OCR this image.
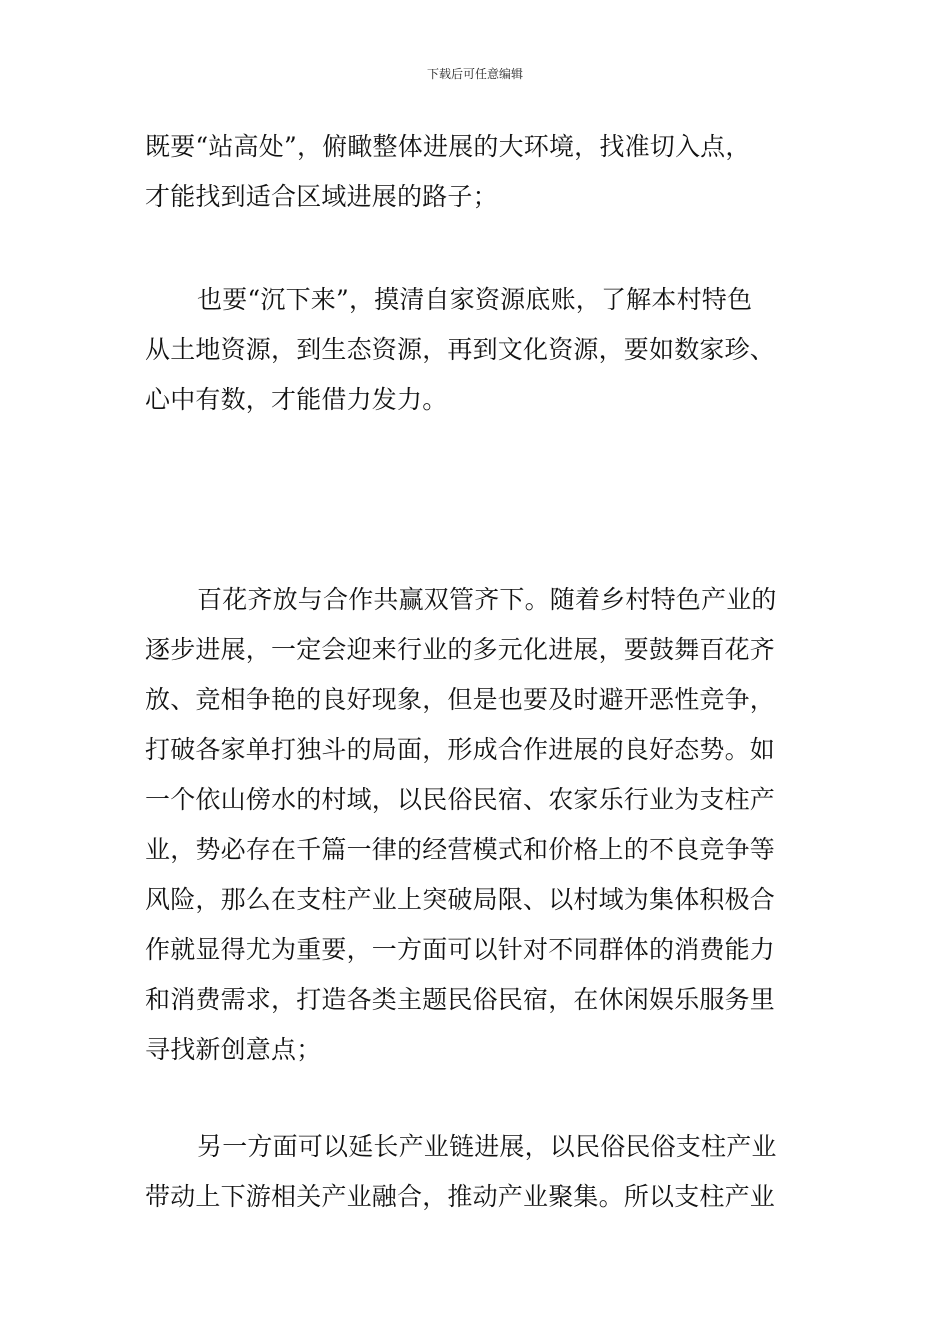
下载后可任意编辑
既要“站高处”，俯瞰整体进展的大环境，找准切入点，
才能找到适合区域进展的路子；
也要“沉下来”，摸清自家资源底账，了解本村特色
从土地资源，到生态资源，再到文化资源，要如数家珍、
心中有数，才能借力发力。
百花齐放与合作共赢双管齐下。随着乡村特色产业的
逐步进展，一定会迎来行业的多元化进展，要鼓舞百花齐
放、竞相争艳的良好现象，但是也要及时避开恶性竞争，
打破各家单打独斗的局面，形成合作进展的良好态势。如
一个依山傍水的村域，以民俗民宿、农家乐行业为支柱产
业，势必存在千篇一律的经营模式和价格上的不良竞争等
风险，那么在支柱产业上突破局限、以村域为集体积极合
作就显得尤为重要，一方面可以针对不同群体的消费能力
和消费需求，打造各类主题民俗民宿，在休闲娱乐服务里
寻找新创意点；
另一方面可以延长产业链进展，以民俗民俗支柱产业
带动上下游相关产业融合，推动产业聚集。所以支柱产业
